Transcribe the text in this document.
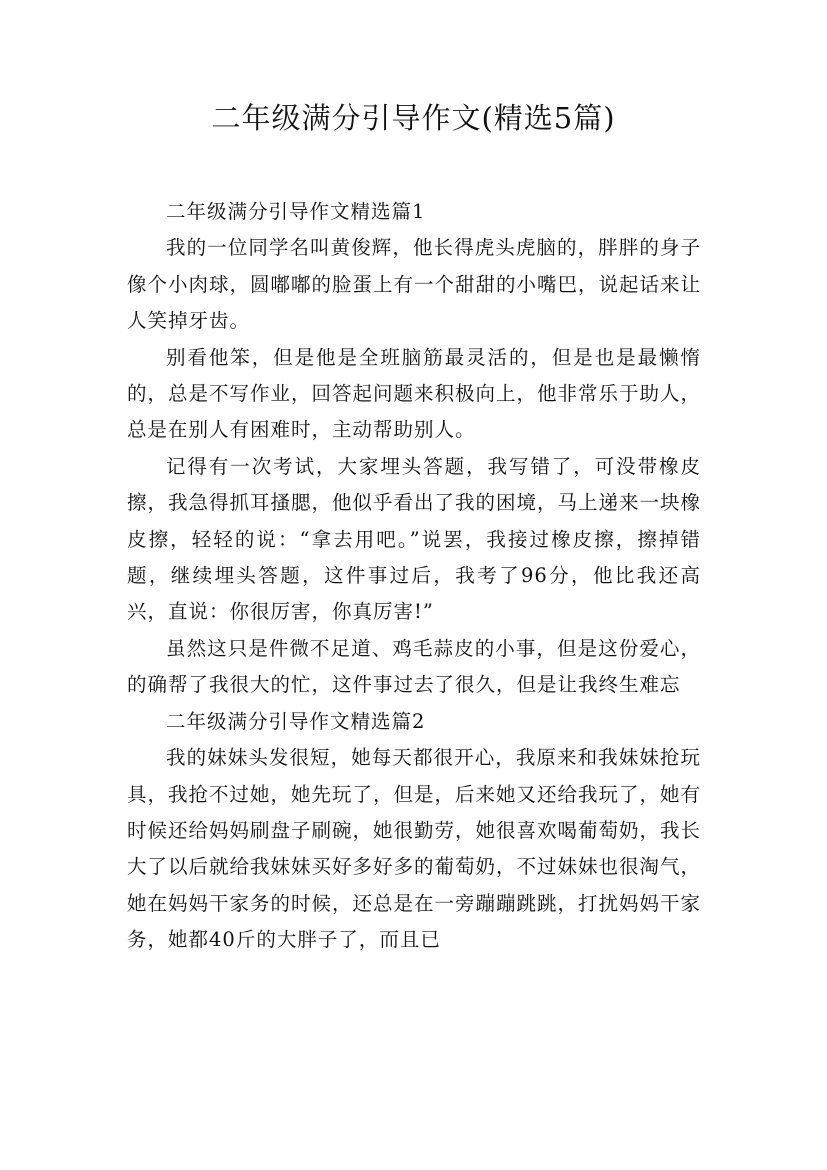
二年级满分引导作文(精选5篇)

二年级满分引导作文精选篇1

我的一位同学名叫黄俊辉，他长得虎头虎脑的，胖胖的身子像个小肉球，圆嘟嘟的脸蛋上有一个甜甜的小嘴巴，说起话来让人笑掉牙齿。

别看他笨，但是他是全班脑筋最灵活的，但是也是最懒惰的，总是不写作业，回答起问题来积极向上，他非常乐于助人，总是在别人有困难时，主动帮助别人。

记得有一次考试，大家埋头答题，我写错了，可没带橡皮擦，我急得抓耳搔腮，他似乎看出了我的困境，马上递来一块橡皮擦，轻轻的说：“拿去用吧。”说罢，我接过橡皮擦，擦掉错题，继续埋头答题，这件事过后，我考了96分，他比我还高兴，直说：你很厉害，你真厉害!”

虽然这只是件微不足道、鸡毛蒜皮的小事，但是这份爱心，的确帮了我很大的忙，这件事过去了很久，但是让我终生难忘

二年级满分引导作文精选篇2

我的妹妹头发很短，她每天都很开心，我原来和我妹妹抢玩具，我抢不过她，她先玩了，但是，后来她又还给我玩了，她有时候还给妈妈刷盘子刷碗，她很勤劳，她很喜欢喝葡萄奶，我长大了以后就给我妹妹买好多好多的葡萄奶，不过妹妹也很淘气，她在妈妈干家务的时候，还总是在一旁蹦蹦跳跳，打扰妈妈干家务，她都40斤的大胖子了，而且已
